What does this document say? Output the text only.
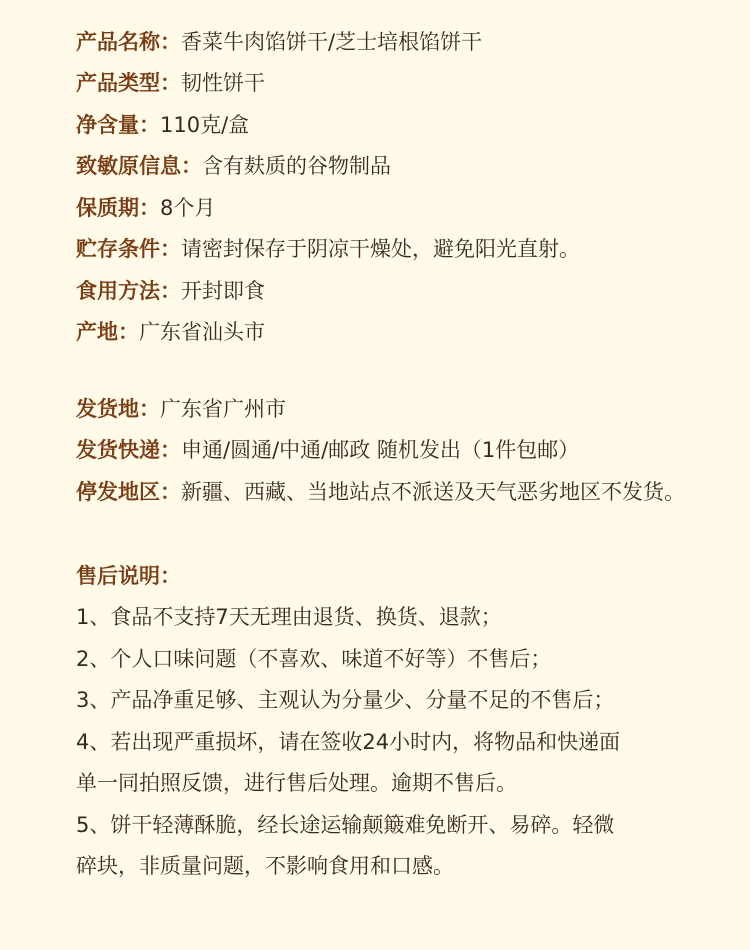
产品名称：香菜牛肉馅饼干/芝士培根馅饼干
产品类型：韧性饼干
净含量：110克/盒
致敏原信息：含有麸质的谷物制品
保质期：8个月
贮存条件：请密封保存于阴凉干燥处，避免阳光直射。
食用方法：开封即食
产地：广东省汕头市
发货地：广东省广州市
发货快递：申通/圆通/中通/邮政 随机发出（1件包邮）
停发地区：新疆、西藏、当地站点不派送及天气恶劣地区不发货。
售后说明：
1、食品不支持7天无理由退货、换货、退款；
2、个人口味问题（不喜欢、味道不好等）不售后；
3、产品净重足够、主观认为分量少、分量不足的不售后；
4、若出现严重损坏，请在签收24小时内，将物品和快递面
单一同拍照反馈，进行售后处理。逾期不售后。
5、饼干轻薄酥脆，经长途运输颠簸难免断开、易碎。轻微
碎块，非质量问题，不影响食用和口感。
